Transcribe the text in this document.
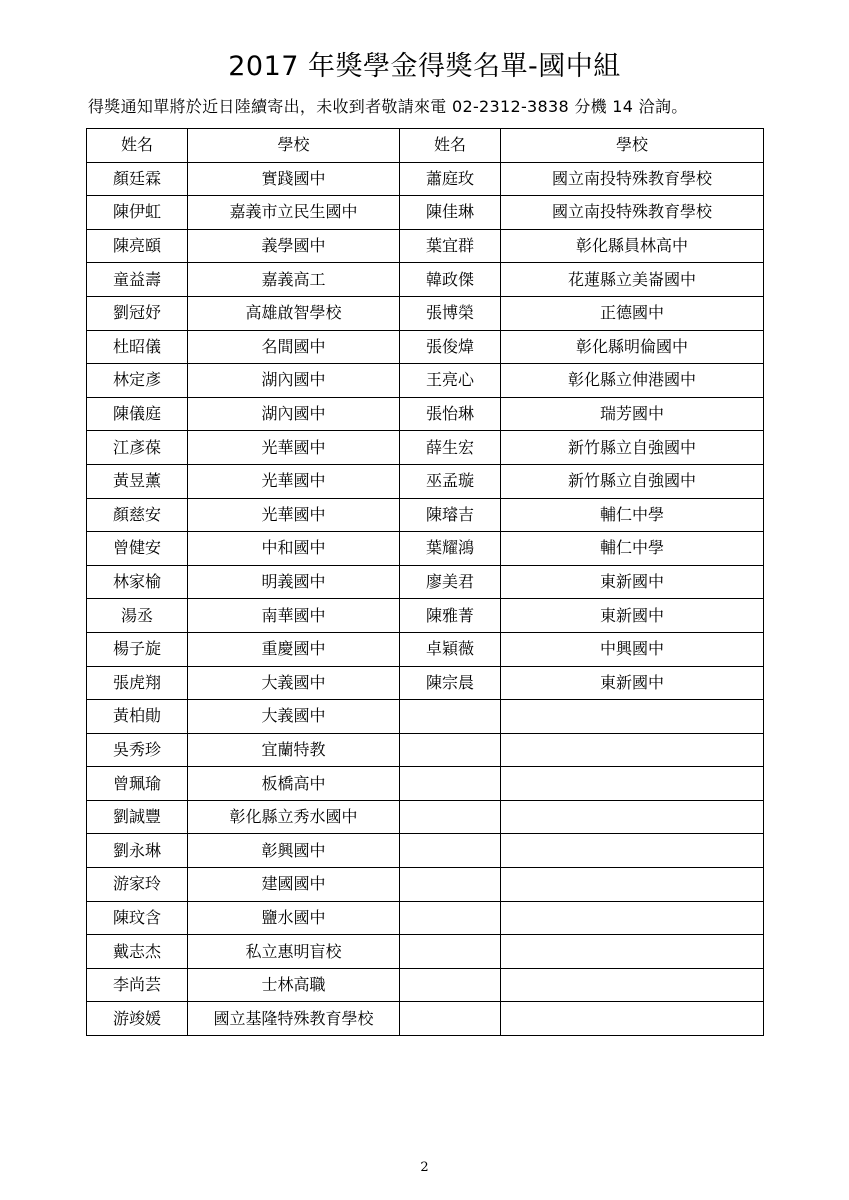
2017 年獎學金得獎名單-國中組
得獎通知單將於近日陸續寄出，未收到者敬請來電 02-2312-3838 分機 14 洽詢。
姓名	學校	姓名	學校
顏廷霖	實踐國中	蕭庭玫	國立南投特殊教育學校
陳伊虹	嘉義市立民生國中	陳佳琳	國立南投特殊教育學校
陳亮頤	義學國中	葉宜群	彰化縣員林高中
童益壽	嘉義高工	韓政傑	花蓮縣立美崙國中
劉冠妤	高雄啟智學校	張博榮	正德國中
杜昭儀	名間國中	張俊煒	彰化縣明倫國中
林定彥	湖內國中	王亮心	彰化縣立伸港國中
陳儀庭	湖內國中	張怡琳	瑞芳國中
江彥葆	光華國中	薛生宏	新竹縣立自強國中
黃昱薰	光華國中	巫孟璇	新竹縣立自強國中
顏慈安	光華國中	陳璿吉	輔仁中學
曾健安	中和國中	葉耀鴻	輔仁中學
林家榆	明義國中	廖美君	東新國中
湯丞	南華國中	陳雅菁	東新國中
楊子旋	重慶國中	卓穎薇	中興國中
張虎翔	大義國中	陳宗晨	東新國中
黃柏勛	大義國中		
吳秀珍	宜蘭特教		
曾珮瑜	板橋高中		
劉誠豐	彰化縣立秀水國中		
劉永琳	彰興國中		
游家玲	建國國中		
陳玟含	鹽水國中		
戴志杰	私立惠明盲校		
李尚芸	士林高職		
游竣媛	國立基隆特殊教育學校		
2
